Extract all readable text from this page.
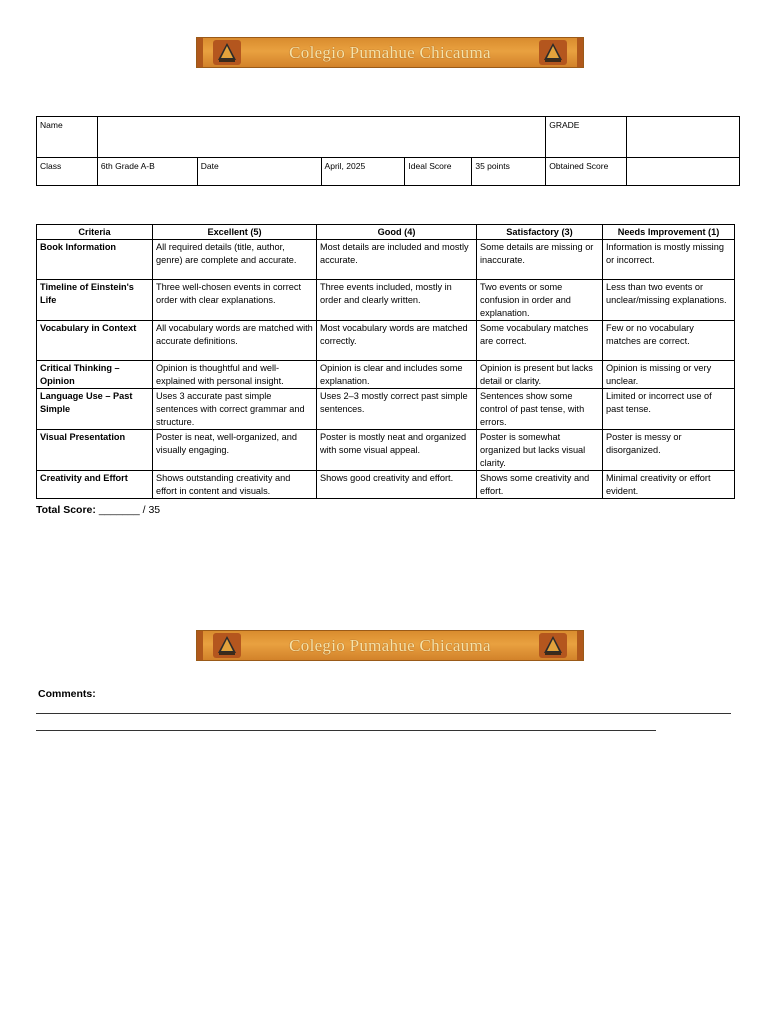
Colegio Pumahue Chicauma
Name						GRADE	
Class	6th Grade A-B	Date	April, 2025	Ideal Score	35 points	Obtained Score	
Criteria	Excellent (5)	Good (4)	Satisfactory (3)	Needs Improvement (1)
Book Information	All required details (title, author, genre) are complete and accurate.	Most details are included and mostly accurate.	Some details are missing or inaccurate.	Information is mostly missing or incorrect.
Timeline of Einstein's Life	Three well-chosen events in correct order with clear explanations.	Three events included, mostly in order and clearly written.	Two events or some confusion in order and explanation.	Less than two events or unclear/missing explanations.
Vocabulary in Context	All vocabulary words are matched with accurate definitions.	Most vocabulary words are matched correctly.	Some vocabulary matches are correct.	Few or no vocabulary matches are correct.
Critical Thinking – Opinion	Opinion is thoughtful and well-explained with personal insight.	Opinion is clear and includes some explanation.	Opinion is present but lacks detail or clarity.	Opinion is missing or very unclear.
Language Use – Past Simple	Uses 3 accurate past simple sentences with correct grammar and structure.	Uses 2–3 mostly correct past simple sentences.	Sentences show some control of past tense, with errors.	Limited or incorrect use of past tense.
Visual Presentation	Poster is neat, well-organized, and visually engaging.	Poster is mostly neat and organized with some visual appeal.	Poster is somewhat organized but lacks visual clarity.	Poster is messy or disorganized.
Creativity and Effort	Shows outstanding creativity and effort in content and visuals.	Shows good creativity and effort.	Shows some creativity and effort.	Minimal creativity or effort evident.
Total Score: _______ / 35
Colegio Pumahue Chicauma
Comments:
